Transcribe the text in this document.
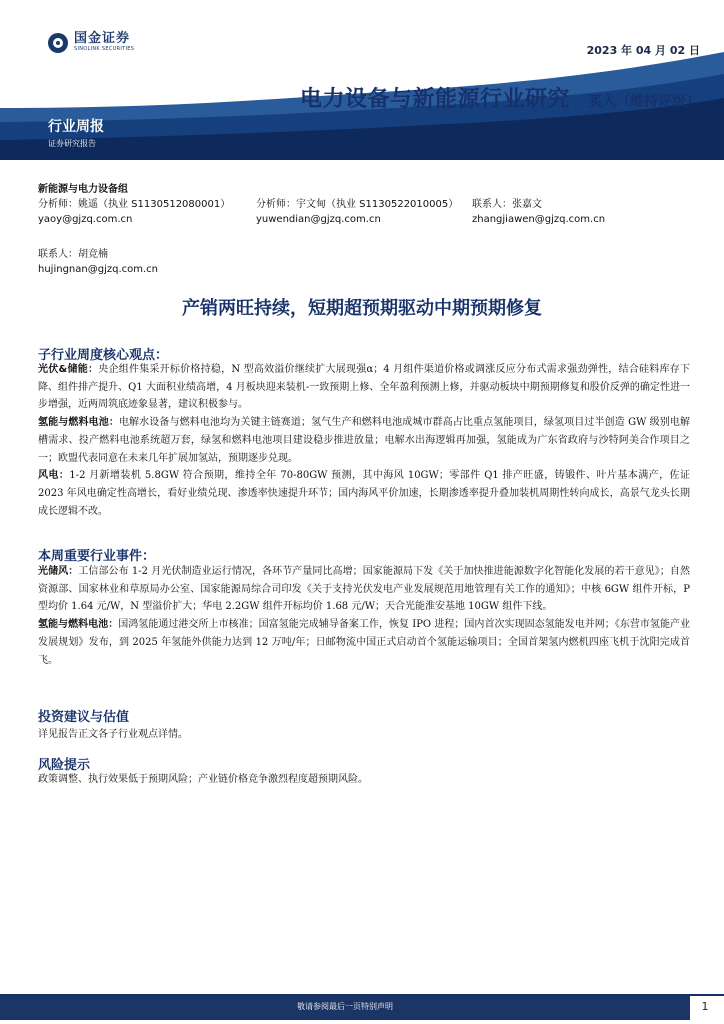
国金证券
SINOLINK SECURITIES	2023 年 04 月 02 日
电力设备与新能源行业研究 买入（维持评级）
行业周报
证券研究报告
新能源与电力设备组
分析师：姚遥（执业 S1130512080001）	分析师：宇文甸（执业 S1130522010005）	联系人：张嘉文
yaoy@gjzq.com.cn	yuwendian@gjzq.com.cn	zhangjiawen@gjzq.com.cn
联系人：胡竞楠
hujingnan@gjzq.com.cn
产销两旺持续，短期超预期驱动中期预期修复
子行业周度核心观点：
光伏&储能：央企组件集采开标价格持稳，N 型高效溢价继续扩大展现强α；4 月组件渠道价格或调涨反应分布式需求强劲弹性，结合硅料库存下降、组件排产提升、Q1 大面积业绩高增，4 月板块迎来装机-一致预期上修、全年盈利预测上修，并驱动板块中期预期修复和股价反弹的确定性进一步增强，近两周筑底迹象显著，建议积极参与。
氢能与燃料电池：电解水设备与燃料电池均为关键主链赛道；氢气生产和燃料电池成城市群高占比重点氢能项目，绿氢项目过半创造 GW 级别电解槽需求、投产燃料电池系统超万套，绿氢和燃料电池项目建设稳步推进放量；电解水出海逻辑再加强，氢能成为广东省政府与沙特阿美合作项目之一；欧盟代表同意在未来几年扩展加氢站，预期逐步兑现。
风电：1-2 月新增装机 5.8GW 符合预期，维持全年 70-80GW 预测，其中海风 10GW；零部件 Q1 排产旺盛，铸锻件、叶片基本满产，佐证 2023 年风电确定性高增长，看好业绩兑现、渗透率快速提升环节；国内海风平价加速，长期渗透率提升叠加装机周期性转向成长，高景气龙头长期成长逻辑不改。
本周重要行业事件：
光储风：工信部公布 1-2 月光伏制造业运行情况，各环节产量同比高增；国家能源局下发《关于加快推进能源数字化智能化发展的若干意见》；自然资源部、国家林业和草原局办公室、国家能源局综合司印发《关于支持光伏发电产业发展规范用地管理有关工作的通知》；中核 6GW 组件开标，P 型均价 1.64 元/W，N 型溢价扩大；华电 2.2GW 组件开标均价 1.68 元/W；天合光能淮安基地 10GW 组件下线。
氢能与燃料电池：国鸿氢能通过港交所上市核准；国富氢能完成辅导备案工作，恢复 IPO 进程；国内首次实现固态氢能发电并网；《东营市氢能产业发展规划》发布，到 2025 年氢能外供能力达到 12 万吨/年；日邮物流中国正式启动首个氢能运输项目；全国首架氢内燃机四座飞机于沈阳完成首飞。
投资建议与估值
详见报告正文各子行业观点详情。
风险提示
政策调整、执行效果低于预期风险；产业链价格竞争激烈程度超预期风险。
敬请参阅最后一页特别声明	1
